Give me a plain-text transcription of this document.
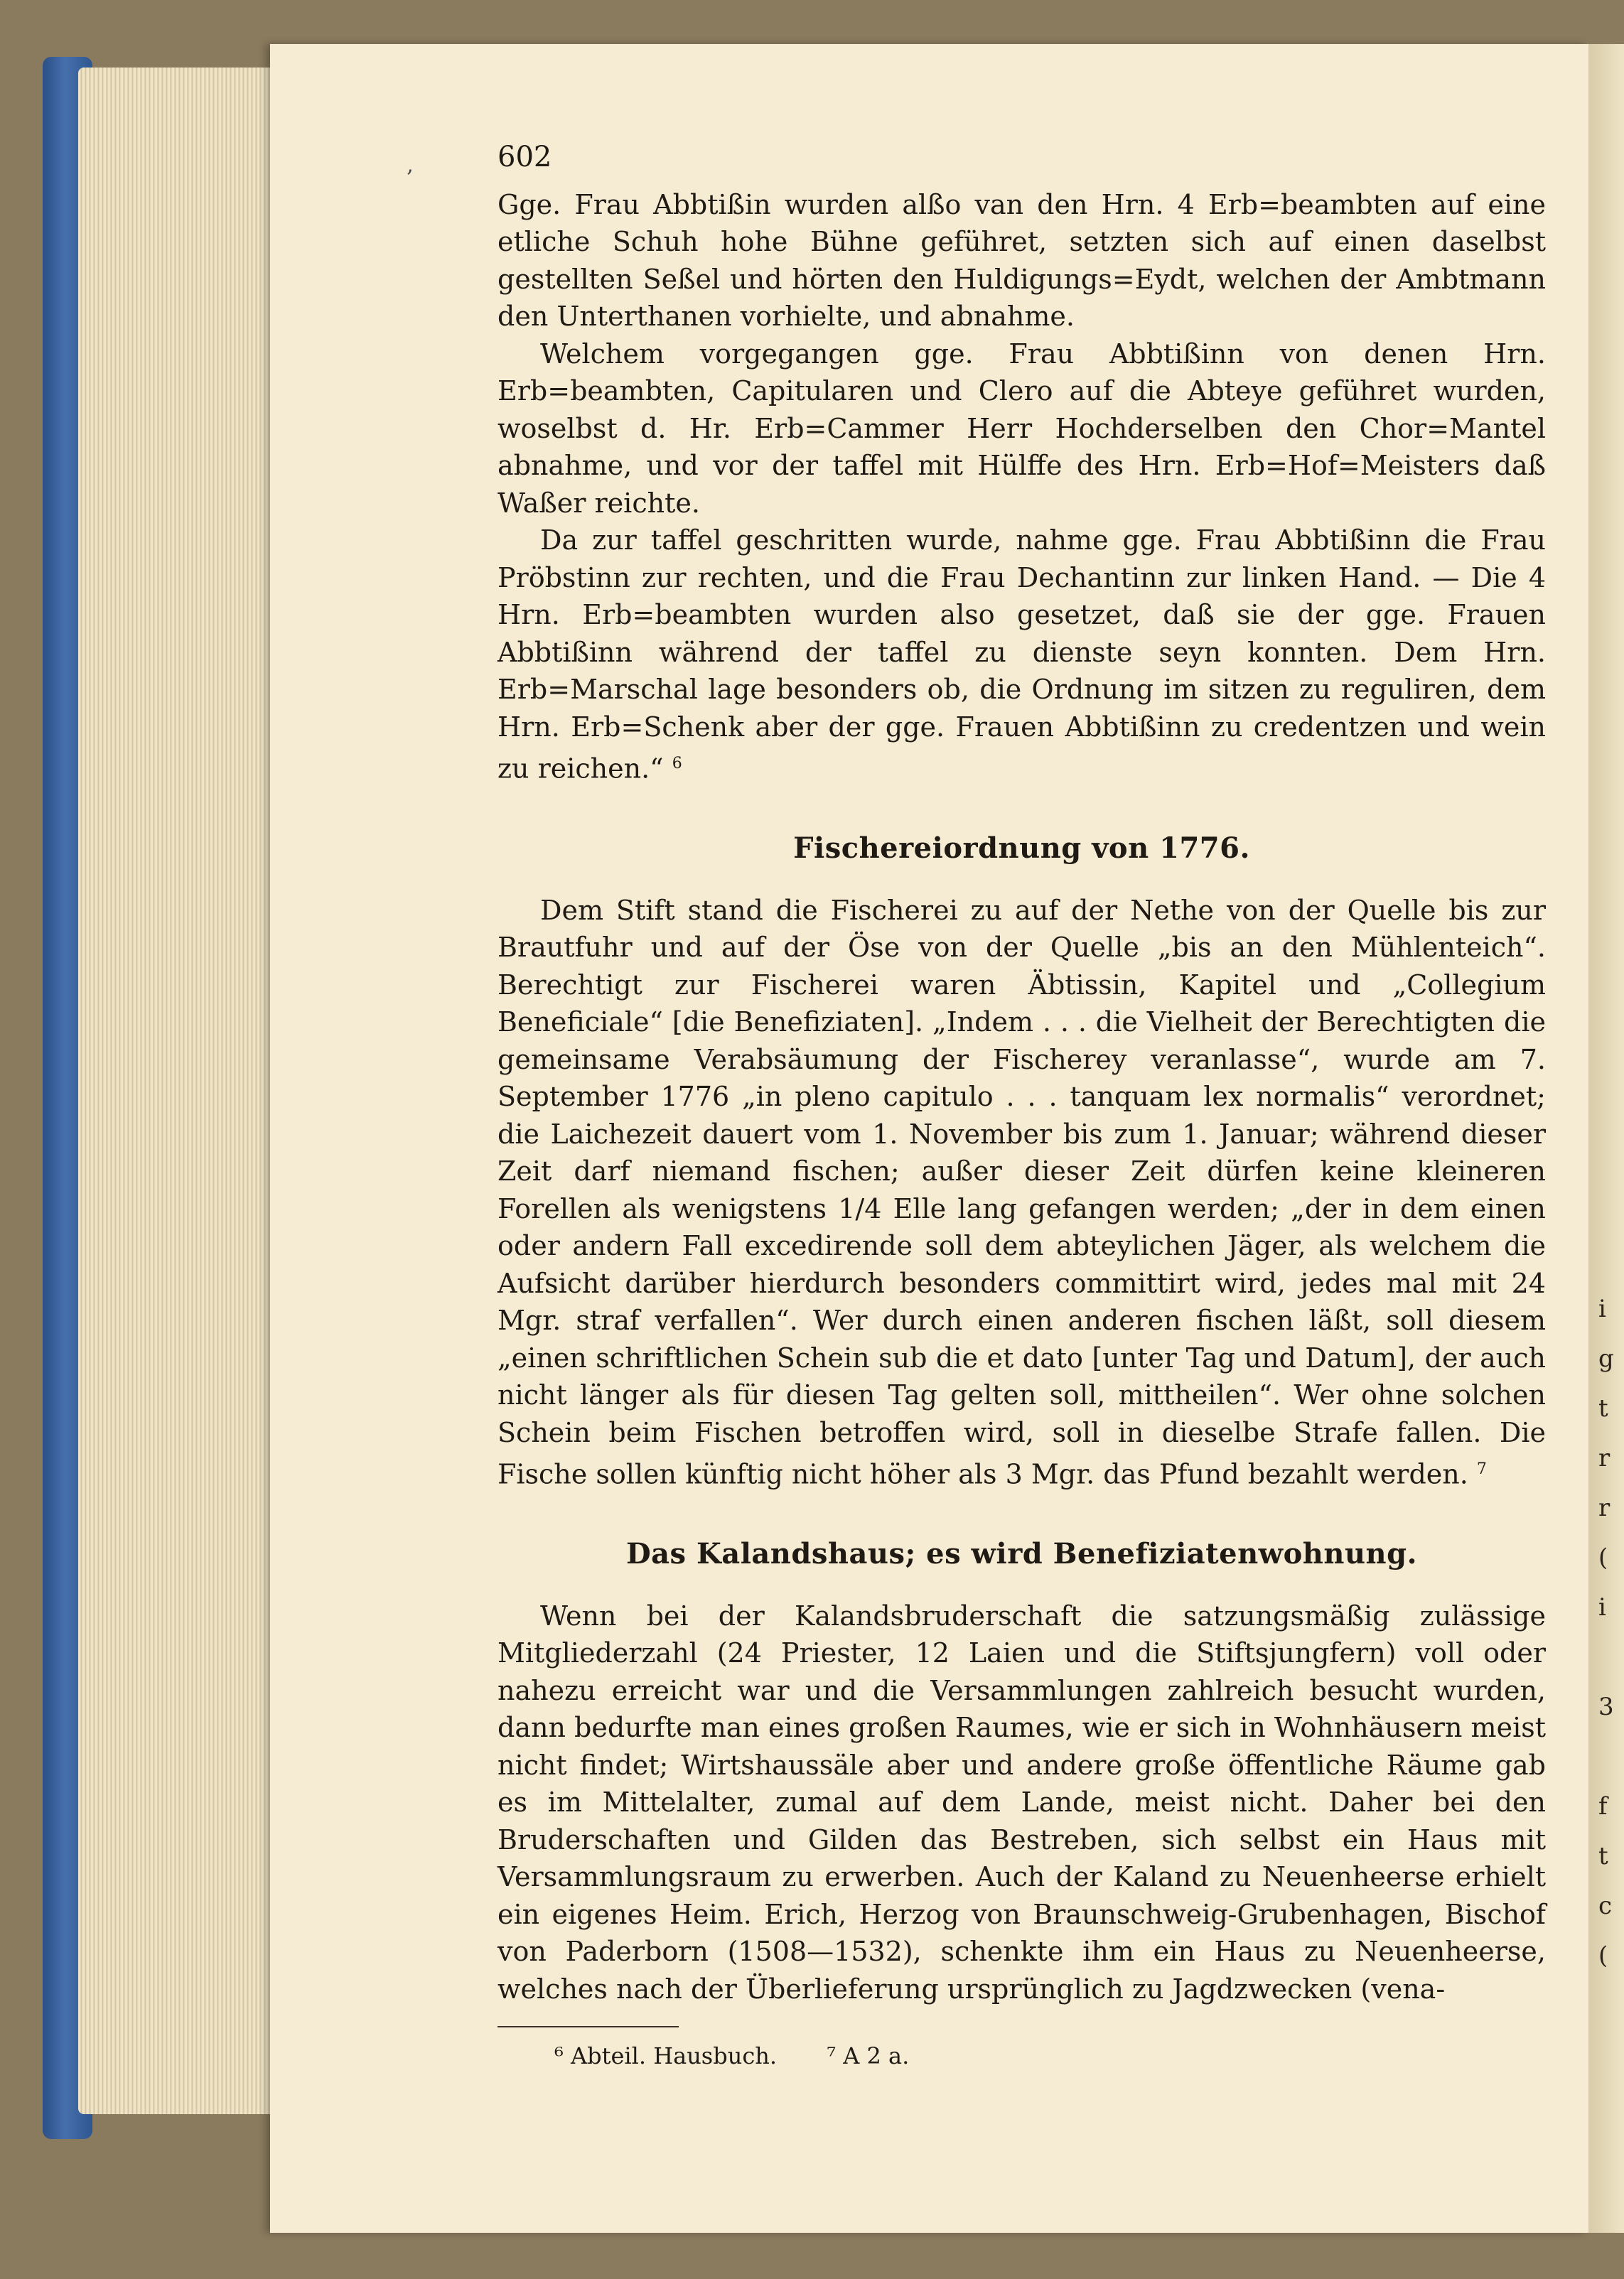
i
g
t
r
r
(
i
3
f
t
c
(
‚	602

Gge. Frau Abbtißin wurden alßo van den Hrn. 4 Erb=beambten auf eine etliche Schuh hohe Bühne geführet, setzten sich auf einen daselbst gestellten Seßel und hörten den Huldigungs=Eydt, welchen der Ambtmann den Unterthanen vorhielte, und abnahme.

Welchem vorgegangen gge. Frau Abbtißinn von denen Hrn. Erb=beambten, Capitularen und Clero auf die Abteye geführet wurden, woselbst d. Hr. Erb=Cammer Herr Hochderselben den Chor=Mantel abnahme, und vor der taffel mit Hülffe des Hrn. Erb=Hof=Meisters daß Waßer reichte.

Da zur taffel geschritten wurde, nahme gge. Frau Abbtißinn die Frau Pröbstinn zur rechten, und die Frau Dechantinn zur linken Hand. — Die 4 Hrn. Erb=beambten wurden also gesetzet, daß sie der gge. Frauen Abbtißinn während der taffel zu dienste seyn konnten. Dem Hrn. Erb=Marschal lage besonders ob, die Ordnung im sitzen zu reguliren, dem Hrn. Erb=Schenk aber der gge. Frauen Abbtißinn zu credentzen und wein zu reichen.“ $^6$

Fischereiordnung von 1776.

Dem Stift stand die Fischerei zu auf der Nethe von der Quelle bis zur Brautfuhr und auf der Öse von der Quelle „bis an den Mühlenteich“. Berechtigt zur Fischerei waren Äbtissin, Kapitel und „Collegium Beneficiale“ [die Benefiziaten]. „Indem . . . die Vielheit der Berechtigten die gemeinsame Verabsäumung der Fischerey veranlasse“, wurde am 7. September 1776 „in pleno capitulo . . . tanquam lex normalis“ verordnet; die Laichezeit dauert vom 1. November bis zum 1. Januar; während dieser Zeit darf niemand fischen; außer dieser Zeit dürfen keine kleineren Forellen als wenigstens 1/4 Elle lang gefangen werden; „der in dem einen oder andern Fall excedirende soll dem abteylichen Jäger, als welchem die Aufsicht darüber hierdurch besonders committirt wird, jedes mal mit 24 Mgr. straf verfallen“. Wer durch einen anderen fischen läßt, soll diesem „einen schriftlichen Schein sub die et dato [unter Tag und Datum], der auch nicht länger als für diesen Tag gelten soll, mittheilen“. Wer ohne solchen Schein beim Fischen betroffen wird, soll in dieselbe Strafe fallen. Die Fische sollen künftig nicht höher als 3 Mgr. das Pfund bezahlt werden. $^7$

Das Kalandshaus; es wird Benefiziatenwohnung.

Wenn bei der Kalandsbruderschaft die satzungsmäßig zulässige Mitgliederzahl (24 Priester, 12 Laien und die Stiftsjungfern) voll oder nahezu erreicht war und die Versammlungen zahlreich besucht wurden, dann bedurfte man eines großen Raumes, wie er sich in Wohnhäusern meist nicht findet; Wirtshaussäle aber und andere große öffentliche Räume gab es im Mittelalter, zumal auf dem Lande, meist nicht. Daher bei den Bruderschaften und Gilden das Bestreben, sich selbst ein Haus mit Versammlungsraum zu erwerben. Auch der Kaland zu Neuenheerse erhielt ein eigenes Heim. Erich, Herzog von Braunschweig-Grubenhagen, Bischof von Paderborn (1508—1532), schenkte ihm ein Haus zu Neuenheerse, welches nach der Überlieferung ursprünglich zu Jagdzwecken (vena-

⁶ Abteil. Hausbuch. ⁷ A 2 a.
